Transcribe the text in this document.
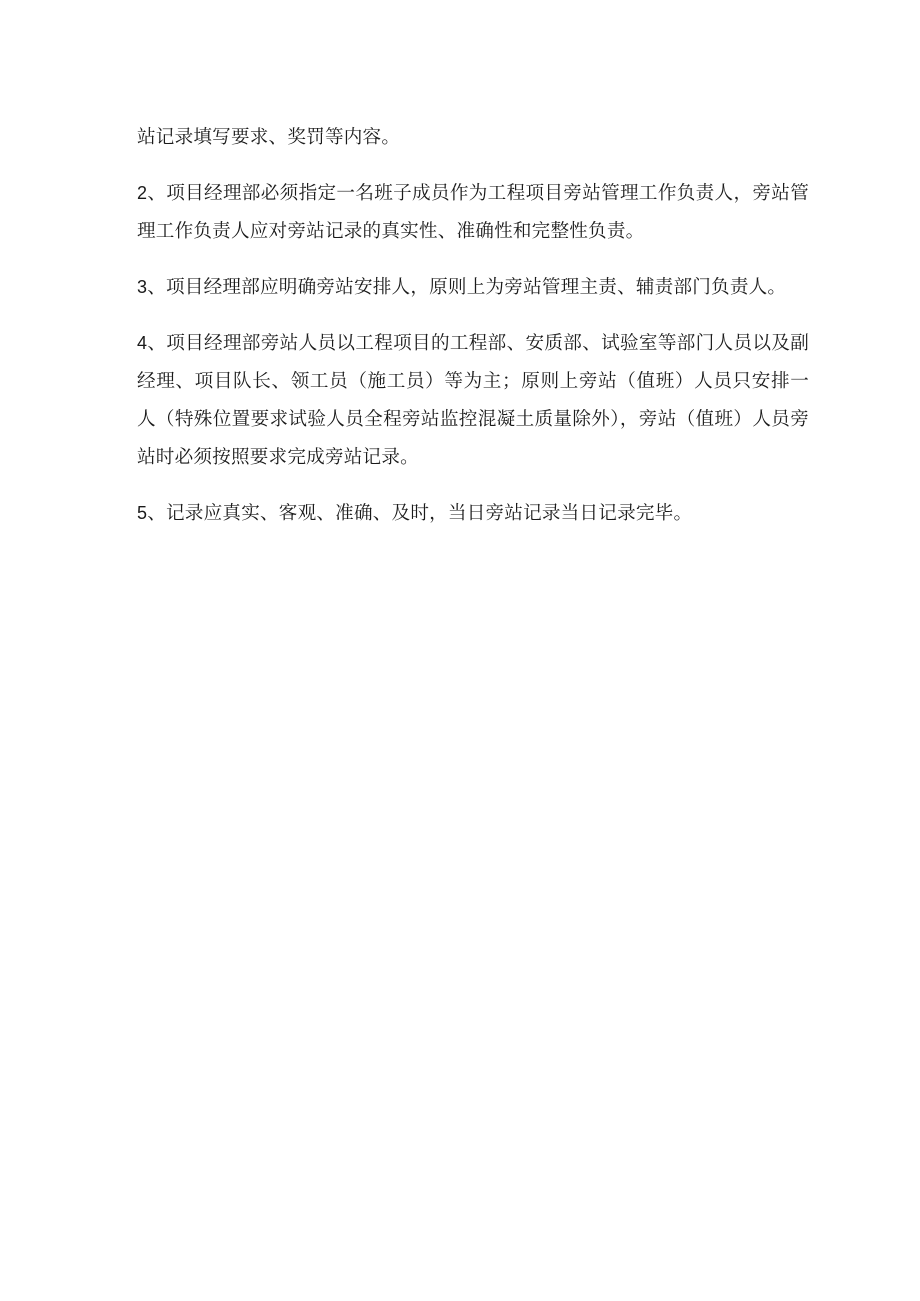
站记录填写要求、奖罚等内容。

2、项目经理部必须指定一名班子成员作为工程项目旁站管理工作负责人，旁站管理工作负责人应对旁站记录的真实性、准确性和完整性负责。

3、项目经理部应明确旁站安排人，原则上为旁站管理主责、辅责部门负责人。

4、项目经理部旁站人员以工程项目的工程部、安质部、试验室等部门人员以及副经理、项目队长、领工员（施工员）等为主；原则上旁站（值班）人员只安排一人（特殊位置要求试验人员全程旁站监控混凝土质量除外），旁站（值班）人员旁站时必须按照要求完成旁站记录。

5、记录应真实、客观、准确、及时，当日旁站记录当日记录完毕。
